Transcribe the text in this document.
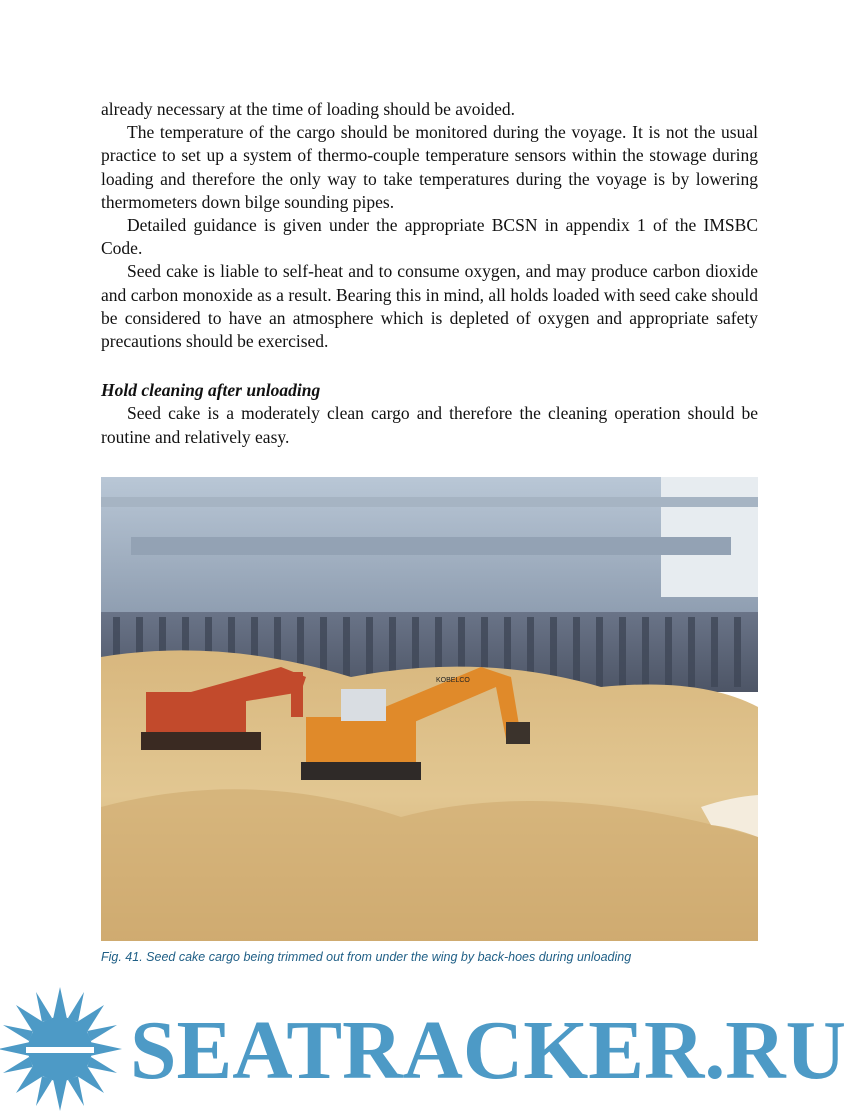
already necessary at the time of loading should be avoided.

The temperature of the cargo should be monitored during the voyage. It is not the usual practice to set up a system of thermo-couple temperature sensors within the stowage during loading and therefore the only way to take temperatures during the voyage is by lowering thermometers down bilge sounding pipes.

Detailed guidance is given under the appropriate BCSN in appendix 1 of the IMSBC Code.

Seed cake is liable to self-heat and to consume oxygen, and may produce carbon dioxide and carbon monoxide as a result. Bearing this in mind, all holds loaded with seed cake should be considered to have an atmosphere which is depleted of oxygen and appropriate safety precautions should be exercised.

Hold cleaning after unloading

Seed cake is a moderately clean cargo and therefore the cleaning operation should be routine and relatively easy.

KOBELCO
Fig. 41. Seed cake cargo being trimmed out from under the wing by back-hoes during unloading
SEATRACKER.RU
